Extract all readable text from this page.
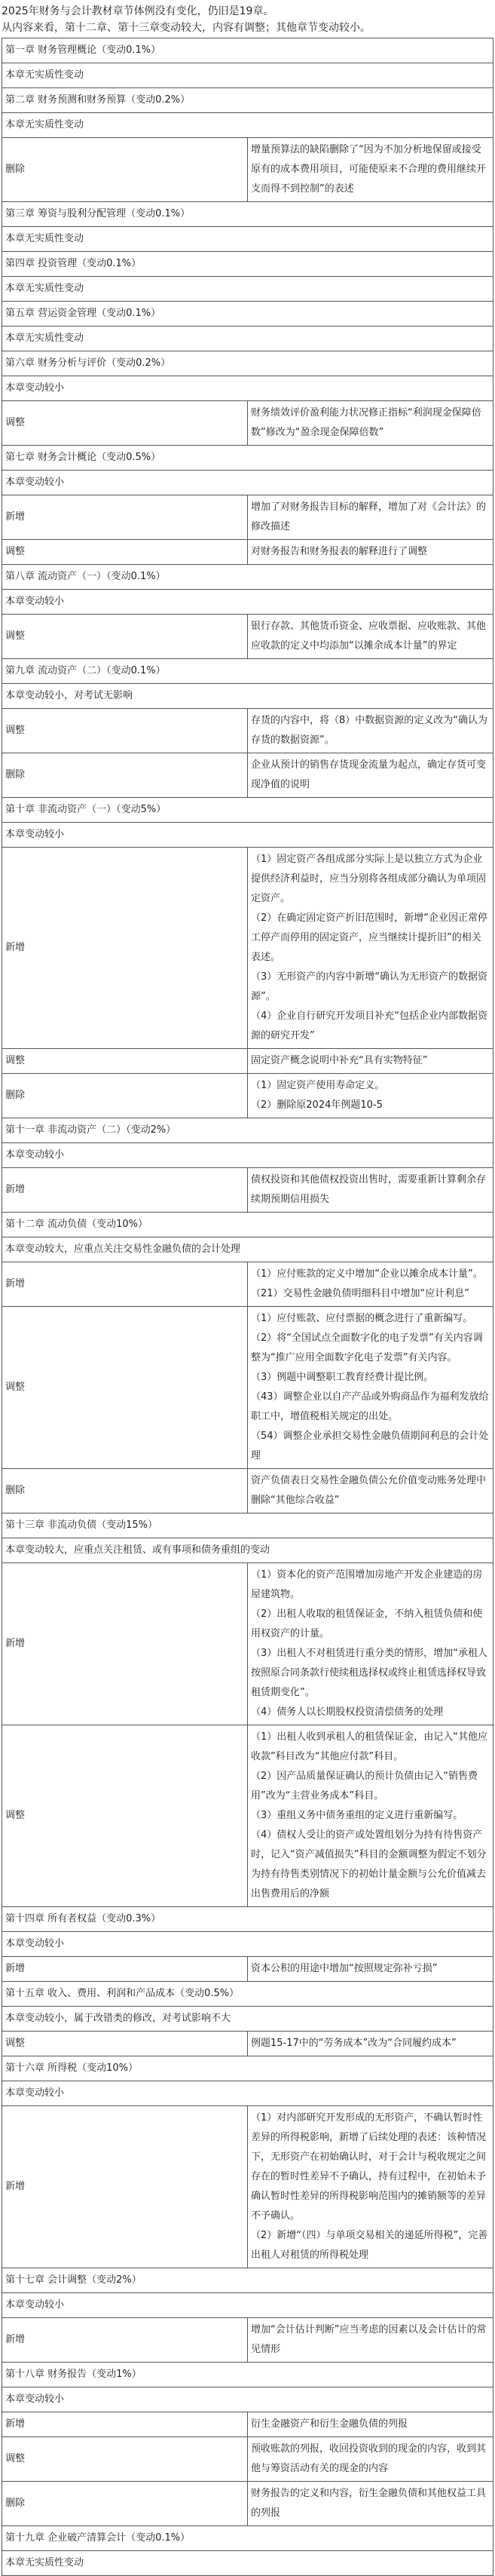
2025年财务与会计教材章节体例没有变化，仍旧是19章。
从内容来看，第十二章、第十三章变动较大，内容有调整；其他章节变动较小。
第一章 财务管理概论（变动0.1%）	
本章无实质性变动	
第二章 财务预测和财务预算（变动0.2%）	
本章无实质性变动	
删除	增量预算法的缺陷删除了“因为不加分析地保留或接受原有的成本费用项目，可能使原来不合理的费用继续开支而得不到控制”的表述

第三章 筹资与股利分配管理（变动0.1%）	
本章无实质性变动	
第四章 投资管理（变动0.1%）	
本章无实质性变动	
第五章 营运资金管理（变动0.1%）	
本章无实质性变动	
第六章 财务分析与评价（变动0.2%）	
本章变动较小	
调整	财务绩效评价盈利能力状况修正指标“利润现金保障倍数”修改为“盈余现金保障倍数”

第七章 财务会计概论（变动0.5%）	
本章变动较小	
新增	增加了对财务报告目标的解释，增加了对《会计法》的修改描述

调整	对财务报告和财务报表的解释进行了调整

第八章 流动资产（一）（变动0.1%）	
本章变动较小	
调整	银行存款、其他货币资金、应收票据、应收账款、其他应收款的定义中均添加“以摊余成本计量”的界定

第九章 流动资产（二）（变动0.1%）	
本章变动较小，对考试无影响	
调整	存货的内容中，将（8）中数据资源的定义改为“确认为存货的数据资源”。

删除	企业从预计的销售存货现金流量为起点，确定存货可变现净值的说明

第十章 非流动资产（一）（变动5%）	
本章变动较小	
新增	（1）固定资产各组成部分实际上是以独立方式为企业提供经济利益时，应当分别将各组成部分确认为单项固定资产。
（2）在确定固定资产折旧范围时，新增“企业因正常停工停产而停用的固定资产，应当继续计提折旧”的相关表述。
（3）无形资产的内容中新增“确认为无形资产的数据资源”。
（4）企业自行研究开发项目补充“包括企业内部数据资源的研究开发”

调整	固定资产概念说明中补充“具有实物特征”

删除	（1）固定资产使用寿命定义。
（2）删除原2024年例题10-5

第十一章 非流动资产（二）（变动2%）	
本章变动较小	
新增	债权投资和其他债权投资出售时，需要重新计算剩余存续期预期信用损失

第十二章 流动负债（变动10%）	
本章变动较大，应重点关注交易性金融负债的会计处理	
新增	（1）应付账款的定义中增加“企业以摊余成本计量”。
（21）交易性金融负债明细科目中增加“应计利息”

调整	（1）应付账款、应付票据的概念进行了重新编写。
（2）将“全国试点全面数字化的电子发票”有关内容调整为“推广应用全面数字化电子发票”有关内容。
（3）例题中调整职工教育经费计提比例。
（43）调整企业以自产产品或外购商品作为福利发放给职工中，增值税相关规定的出处。
（54）调整企业承担交易性金融负债期间利息的会计处理

删除	资产负债表日交易性金融负债公允价值变动账务处理中删除“其他综合收益”

第十三章 非流动负债（变动15%）	
本章变动较大，应重点关注租赁、或有事项和债务重组的变动	
新增	（1）资本化的资产范围增加房地产开发企业建造的房屋建筑物。
（2）出租人收取的租赁保证金，不纳入租赁负债和使用权资产的计量。
（3）出租人不对租赁进行重分类的情形，增加“承租人按照原合同条款行使续租选择权或终止租赁选择权导致租赁期变化”。
（4）债务人以长期股权投资清偿债务的处理

调整	（1）出租人收到承租人的租赁保证金，由记入“其他应收款”科目改为“其他应付款”科目。
（2）因产品质量保证确认的预计负债由记入“销售费用”改为“主营业务成本”科目。
（3）重组义务中债务重组的定义进行重新编写。
（4）债权人受让的资产或处置组划分为持有待售资产时，记入“资产减值损失”科目的金额调整为假定不划分为持有待售类别情况下的初始计量金额与公允价值减去出售费用后的净额

第十四章 所有者权益（变动0.3%）	
本章变动较小	
新增	资本公积的用途中增加“按照规定弥补亏损”

第十五章 收入、费用、利润和产品成本（变动0.5%）	
本章变动较小，属于改错类的修改，对考试影响不大	
调整	例题15-17中的“劳务成本”改为“合同履约成本”

第十六章 所得税（变动10%）	
本章变动较小	
新增	（1）对内部研究开发形成的无形资产，不确认暂时性差异的所得税影响，新增了后续处理的表述：该种情况下，无形资产在初始确认时，对于会计与税收规定之间存在的暂时性差异不予确认，持有过程中，在初始未予确认暂时性差异的所得税影响范围内的摊销额等的差异不予确认。
（2）新增“（四）与单项交易相关的递延所得税”，完善出租人对租赁的所得税处理

第十七章 会计调整（变动2%）	
本章变动较小	
新增	增加“会计估计判断”应当考虑的因素以及会计估计的常见情形

第十八章 财务报告（变动1%）	
本章变动较小	
新增	衍生金融资产和衍生金融负债的列报

调整	预收账款的列报，收回投资收到的现金的内容，收到其他与筹资活动有关的现金的内容

删除	财务报告的定义和内容，衍生金融负债和其他权益工具的列报

第十九章 企业破产清算会计（变动0.1%）	
本章无实质性变动	
